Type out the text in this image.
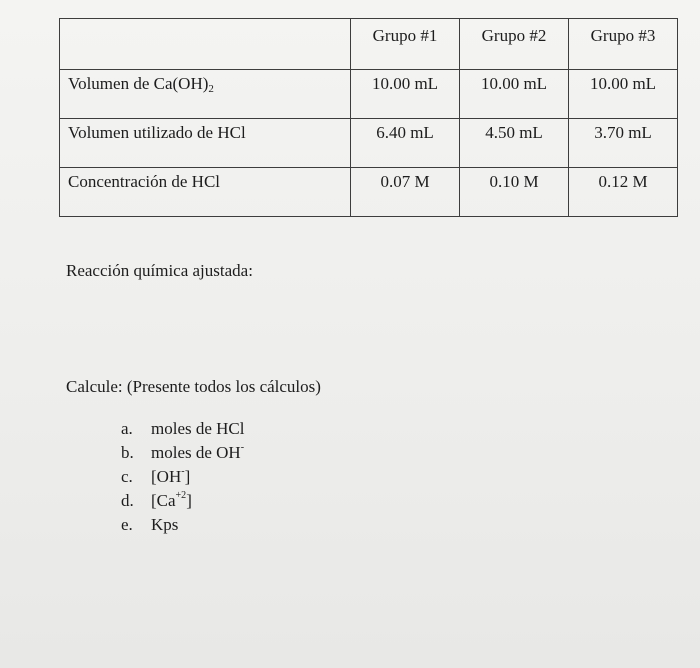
	Grupo #1	Grupo #2	Grupo #3
Volumen de $Ca(OH)_2$	10.00 mL	10.00 mL	10.00 mL
Volumen utilizado de HCl	6.40 mL	4.50 mL	3.70 mL
Concentración de HCl	0.07 M	0.10 M	0.12 M
Reacción química ajustada:
Calcule: (Presente todos los cálculos)
a. moles de HCl
b. moles de OH-
c. [OH-]
d. $[Ca^{+2}]$
e. Kps
